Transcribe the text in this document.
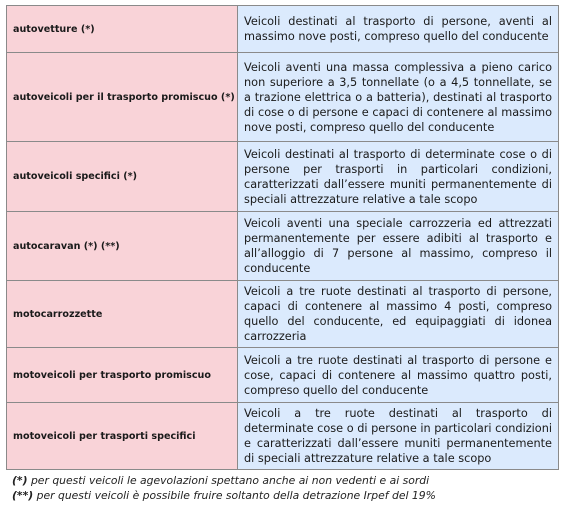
autovetture (*)	Veicoli destinati al trasporto di persone, aventi al massimo nove posti, compreso quello del conducente
autoveicoli per il trasporto promiscuo (*)	Veicoli aventi una massa complessiva a pieno carico non superiore a 3,5 tonnellate (o a 4,5 tonnellate, se a trazione elettrica o a batteria), destinati al trasporto di cose o di persone e capaci di contenere al massimo nove posti, compreso quello del conducente
autoveicoli specifici (*)	Veicoli destinati al trasporto di determinate cose o di persone per trasporti in particolari condizioni, caratterizzati dall’essere muniti permanentemente di speciali attrezzature relative a tale scopo
autocaravan (*) (**)	Veicoli aventi una speciale carrozzeria ed attrezzati permanentemente per essere adibiti al trasporto e all’alloggio di 7 persone al massimo, compreso il conducente
motocarrozzette	Veicoli a tre ruote destinati al trasporto di persone, capaci di contenere al massimo 4 posti, compreso quello del conducente, ed equipaggiati di idonea carrozzeria
motoveicoli per trasporto promiscuo	Veicoli a tre ruote destinati al trasporto di persone e cose, capaci di contenere al massimo quattro posti, compreso quello del conducente
motoveicoli per trasporti specifici	Veicoli a tre ruote destinati al trasporto di determinate cose o di persone in particolari condizioni e caratterizzati dall’essere muniti permanentemente di speciali attrezzature relative a tale scopo
(*) per questi veicoli le agevolazioni spettano anche ai non vedenti e ai sordi
(**) per questi veicoli è possibile fruire soltanto della detrazione Irpef del 19%
